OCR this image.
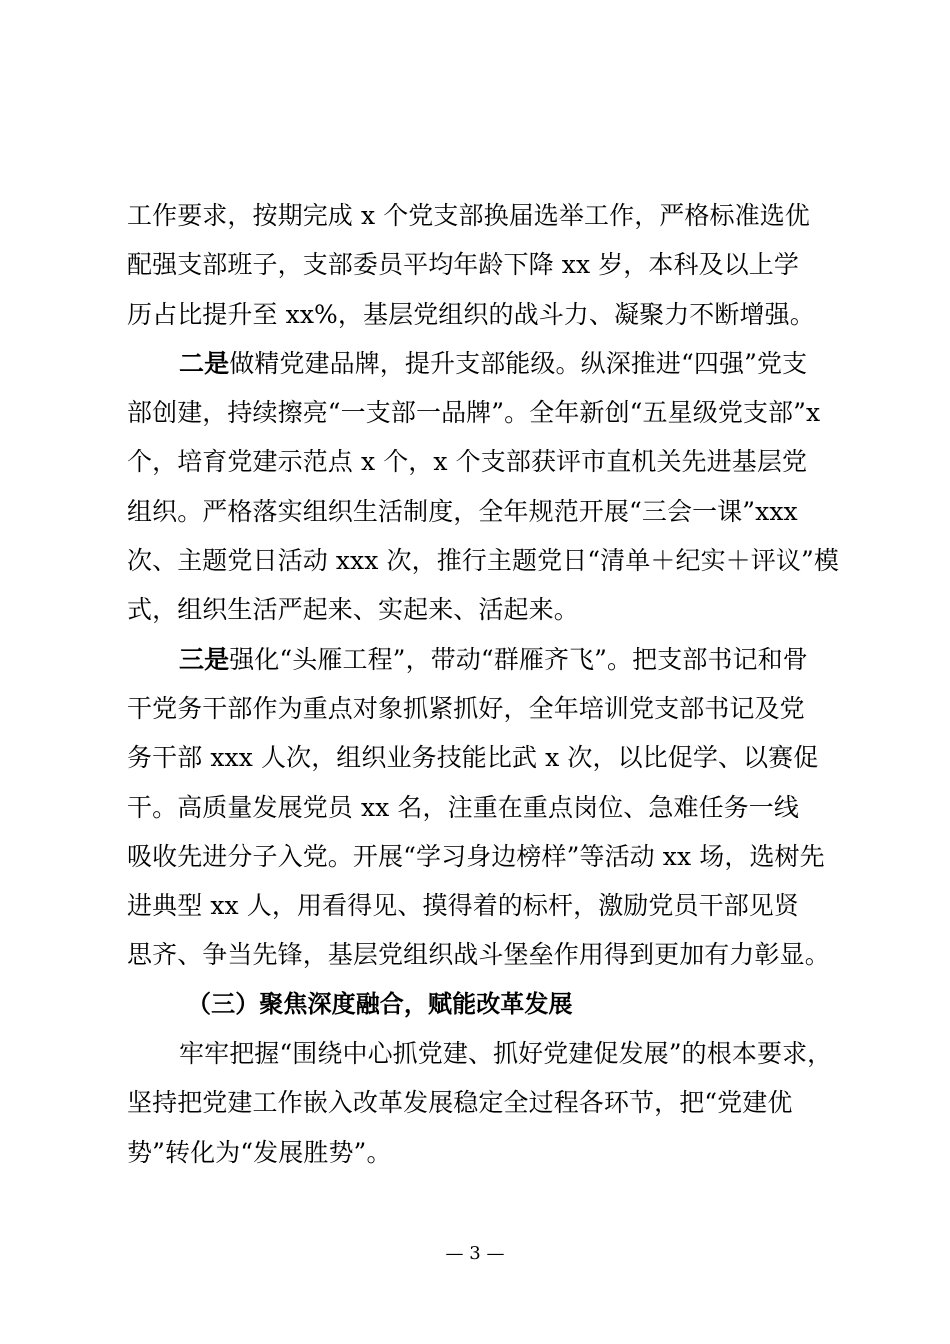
工作要求，按期完成 x 个党支部换届选举工作，严格标准选优
配强支部班子，支部委员平均年龄下降 xx 岁，本科及以上学
历占比提升至 xx%，基层党组织的战斗力、凝聚力不断增强。
二是做精党建品牌，提升支部能级。纵深推进“四强”党支
部创建，持续擦亮“一支部一品牌”。全年新创“五星级党支部”x
个，培育党建示范点 x 个，x 个支部获评市直机关先进基层党
组织。严格落实组织生活制度，全年规范开展“三会一课”xxx
次、主题党日活动 xxx 次，推行主题党日“清单＋纪实＋评议”模
式，组织生活严起来、实起来、活起来。
三是强化“头雁工程”，带动“群雁齐飞”。把支部书记和骨
干党务干部作为重点对象抓紧抓好，全年培训党支部书记及党
务干部 xxx 人次，组织业务技能比武 x 次，以比促学、以赛促
干。高质量发展党员 xx 名，注重在重点岗位、急难任务一线
吸收先进分子入党。开展“学习身边榜样”等活动 xx 场，选树先
进典型 xx 人，用看得见、摸得着的标杆，激励党员干部见贤
思齐、争当先锋，基层党组织战斗堡垒作用得到更加有力彰显。
（三）聚焦深度融合，赋能改革发展
牢牢把握“围绕中心抓党建、抓好党建促发展”的根本要求，
坚持把党建工作嵌入改革发展稳定全过程各环节，把“党建优
势”转化为“发展胜势”。
— 3 —
